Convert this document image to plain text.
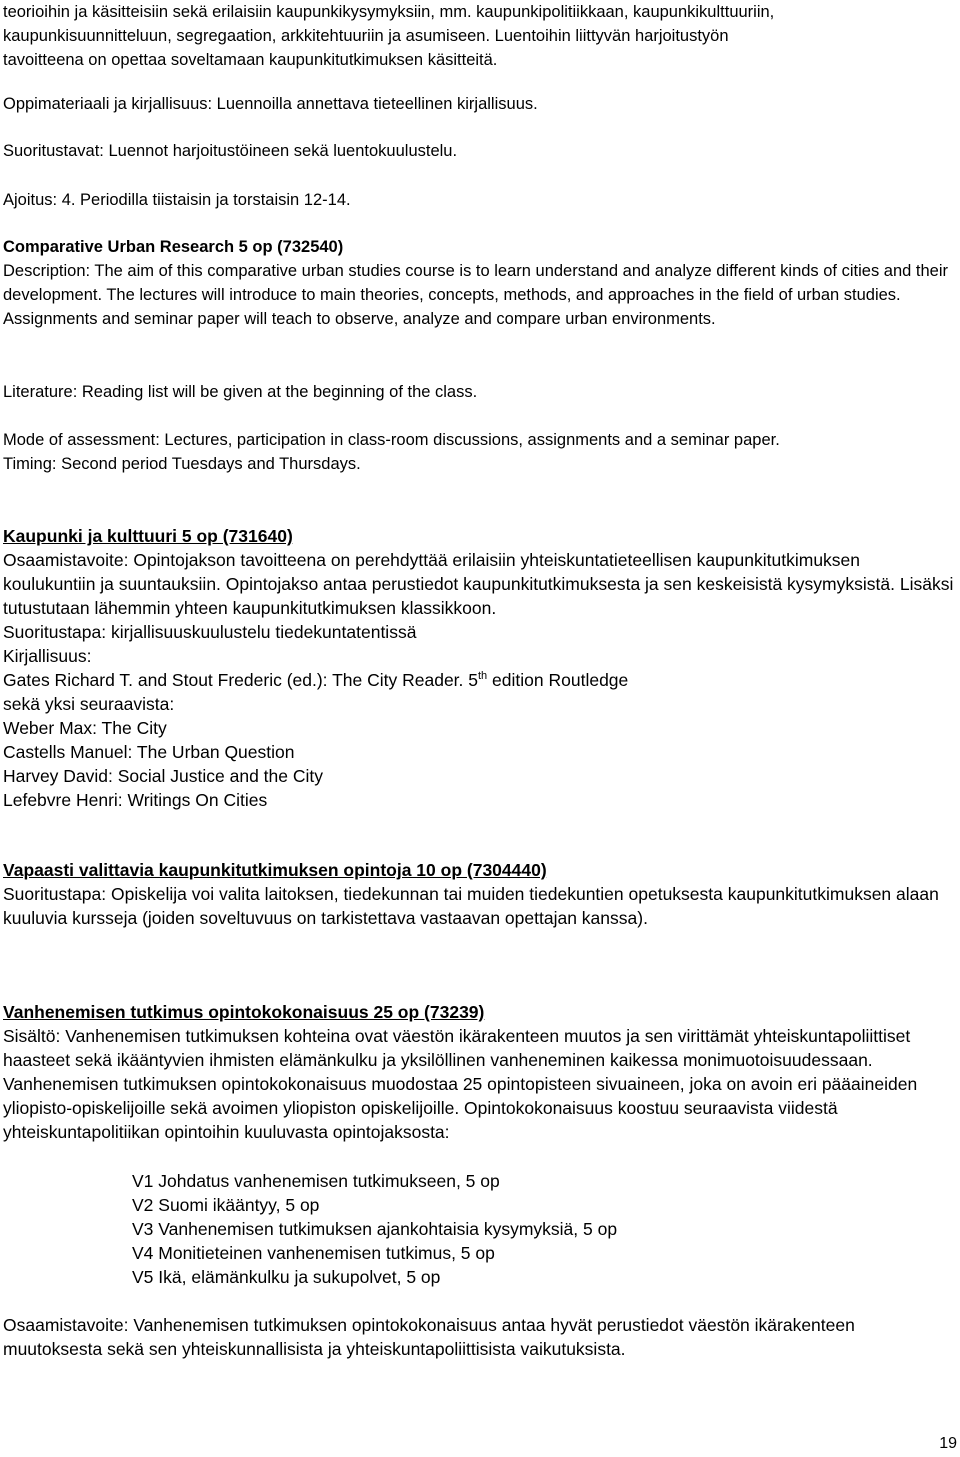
teorioihin ja käsitteisiin sekä erilaisiin kaupunkikysymyksiin, mm. kaupunkipolitiikkaan, kaupunkikulttuuriin,

kaupunkisuunnitteluun, segregaation, arkkitehtuuriin ja asumiseen. Luentoihin liittyvän harjoitustyön

tavoitteena on opettaa soveltamaan kaupunkitutkimuksen käsitteitä.

Oppimateriaali ja kirjallisuus: Luennoilla annettava tieteellinen kirjallisuus.

Suoritustavat: Luennot harjoitustöineen sekä luentokuulustelu.

Ajoitus: 4. Periodilla tiistaisin ja torstaisin 12-14.

Comparative Urban Research 5 op (732540)

Description: The aim of this comparative urban studies course is to learn understand and analyze different kinds of cities and their development. The lectures will introduce to main theories, concepts, methods, and approaches in the field of urban studies. Assignments and seminar paper will teach to observe, analyze and compare urban environments.

Literature: Reading list will be given at the beginning of the class.

Mode of assessment: Lectures, participation in class-room discussions, assignments and a seminar paper.

Timing: Second period Tuesdays and Thursdays.

Kaupunki ja kulttuuri 5 op (731640)

Osaamistavoite: Opintojakson tavoitteena on perehdyttää erilaisiin yhteiskuntatieteellisen kaupunkitutkimuksen koulukuntiin ja suuntauksiin. Opintojakso antaa perustiedot kaupunkitutkimuksesta ja sen keskeisistä kysymyksistä. Lisäksi tutustutaan lähemmin yhteen kaupunkitutkimuksen klassikkoon.

Suoritustapa: kirjallisuuskuulustelu tiedekuntatentissä

Kirjallisuus:

Gates Richard T. and Stout Frederic (ed.): The City Reader. 5th edition Routledge

sekä yksi seuraavista:

Weber Max: The City

Castells Manuel: The Urban Question

Harvey David: Social Justice and the City

Lefebvre Henri: Writings On Cities

Vapaasti valittavia kaupunkitutkimuksen opintoja 10 op (7304440)

Suoritustapa: Opiskelija voi valita laitoksen, tiedekunnan tai muiden tiedekuntien opetuksesta kaupunkitutkimuksen alaan kuuluvia kursseja (joiden soveltuvuus on tarkistettava vastaavan opettajan kanssa).

Vanhenemisen tutkimus opintokokonaisuus 25 op (73239)

Sisältö: Vanhenemisen tutkimuksen kohteina ovat väestön ikärakenteen muutos ja sen virittämät yhteiskuntapoliittiset haasteet sekä ikääntyvien ihmisten elämänkulku ja yksilöllinen vanheneminen kaikessa monimuotoisuudessaan. Vanhenemisen tutkimuksen opintokokonaisuus muodostaa 25 opintopisteen sivuaineen, joka on avoin eri pääaineiden yliopisto-opiskelijoille sekä avoimen yliopiston opiskelijoille. Opintokokonaisuus koostuu seuraavista viidestä yhteiskuntapolitiikan opintoihin kuuluvasta opintojaksosta:

V1 Johdatus vanhenemisen tutkimukseen, 5 op
V2 Suomi ikääntyy, 5 op
V3 Vanhenemisen tutkimuksen ajankohtaisia kysymyksiä, 5 op
V4 Monitieteinen vanhenemisen tutkimus, 5 op
V5 Ikä, elämänkulku ja sukupolvet, 5 op

Osaamistavoite: Vanhenemisen tutkimuksen opintokokonaisuus antaa hyvät perustiedot väestön ikärakenteen muutoksesta sekä sen yhteiskunnallisista ja yhteiskuntapoliittisista vaikutuksista.

19
